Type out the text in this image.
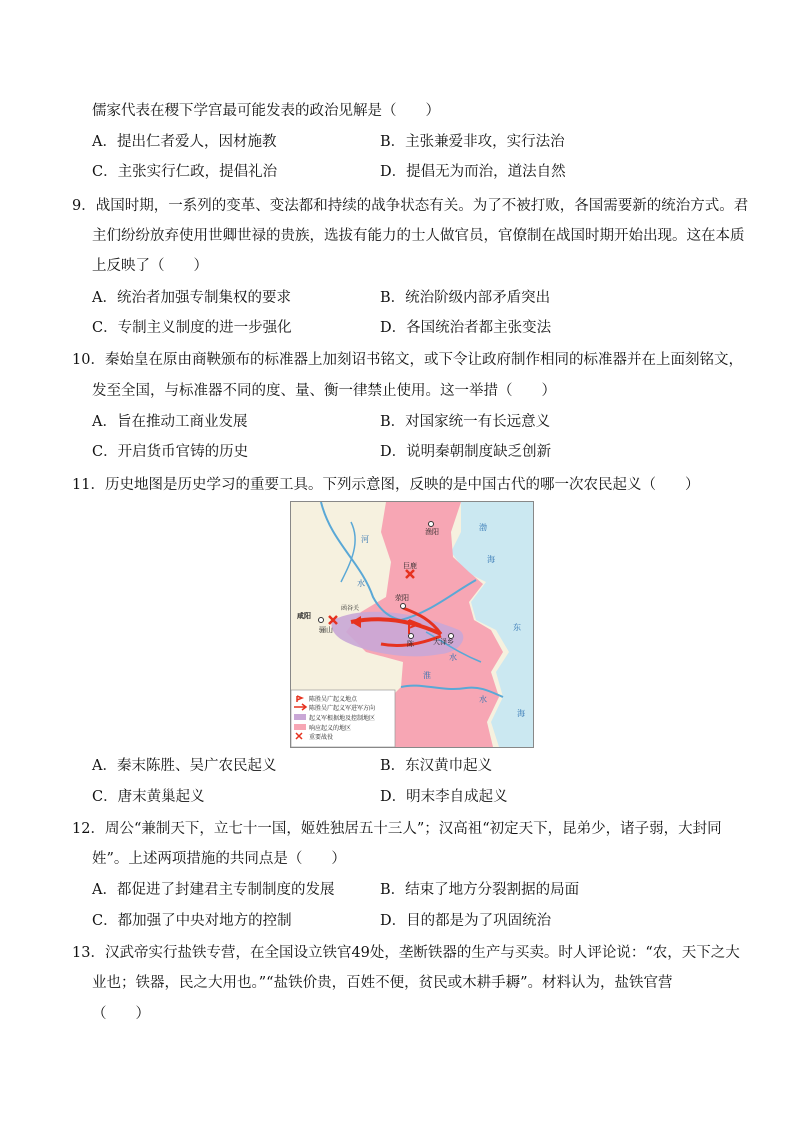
儒家代表在稷下学宫最可能发表的政治见解是（　　）
A．提出仁者爱人，因材施教	B．主张兼爱非攻，实行法治
C．主张实行仁政，提倡礼治	D．提倡无为而治，道法自然
9．战国时期，一系列的变革、变法都和持续的战争状态有关。为了不被打败，各国需要新的统治方式。君
主们纷纷放弃使用世卿世禄的贵族，选拔有能力的士人做官员，官僚制在战国时期开始出现。这在本质
上反映了（　　）
A．统治者加强专制集权的要求	B．统治阶级内部矛盾突出
C．专制主义制度的进一步强化	D．各国统治者都主张变法
10．秦始皇在原由商鞅颁布的标准器上加刻诏书铭文，或下令让政府制作相同的标准器并在上面刻铭文，
发至全国，与标准器不同的度、量、衡一律禁止使用。这一举措（　　）
A．旨在推动工商业发展	B．对国家统一有长远意义
C．开启货币官铸的历史	D．说明秦朝制度缺乏创新
11．历史地图是历史学习的重要工具。下列示意图，反映的是中国古代的哪一次农民起义（　　）
渔阳
巨鹿
荥阳
咸阳
骊山
函谷关
陈	大泽乡
渤
海
东
海
河
水
水
水
淮
陈胜吴广起义地点
陈胜吴广起义军进军方向
起义军根据地及控制地区
响应起义的地区
重要战役
A．秦末陈胜、吴广农民起义	B．东汉黄巾起义
C．唐末黄巢起义	D．明末李自成起义
12．周公“兼制天下，立七十一国，姬姓独居五十三人”；汉高祖“初定天下，昆弟少，诸子弱，大封同
姓”。上述两项措施的共同点是（　　）
A．都促进了封建君主专制制度的发展	B．结束了地方分裂割据的局面
C．都加强了中央对地方的控制	D．目的都是为了巩固统治
13．汉武帝实行盐铁专营，在全国设立铁官49处，垄断铁器的生产与买卖。时人评论说：“农，天下之大
业也；铁器，民之大用也。”“盐铁价贵，百姓不便，贫民或木耕手耨”。材料认为，盐铁官营
（　　）
